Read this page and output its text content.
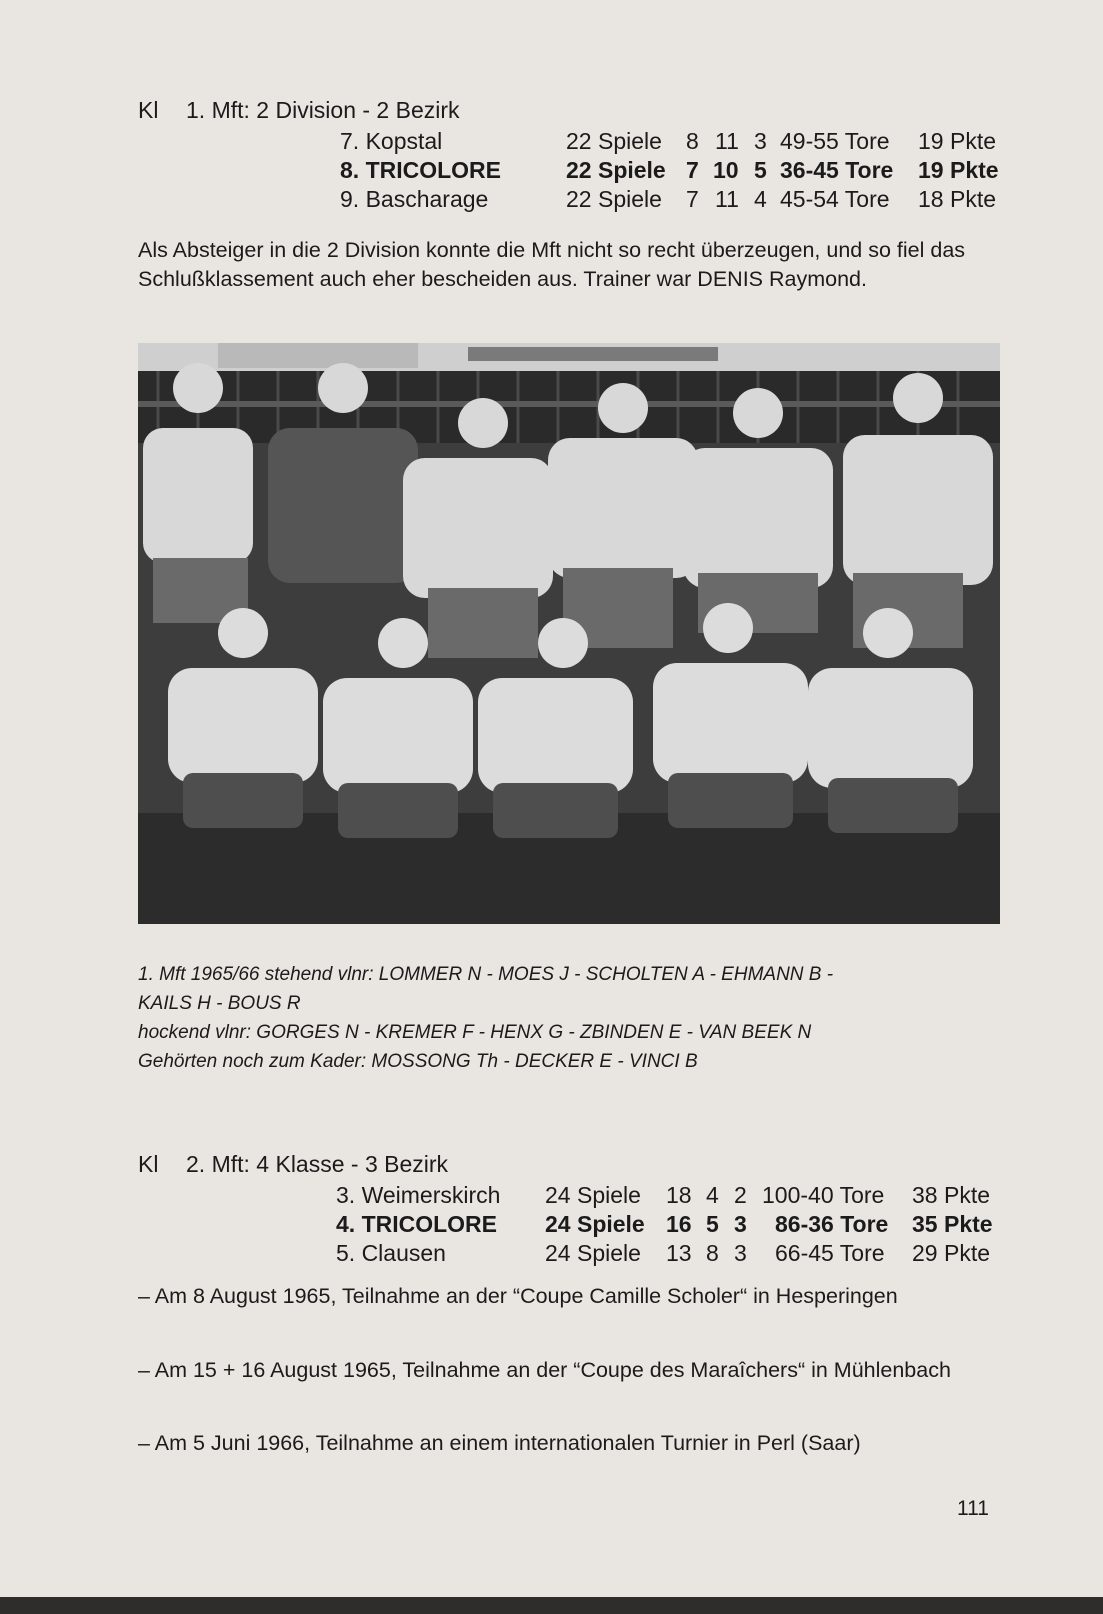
Kl 1. Mft: 2 Division - 2 Bezirk
7. Kopstal	22 Spiele 8 11 3 49-55 Tore 19 Pkte
8. TRICOLORE	22 Spiele 7 10 5 36-45 Tore 19 Pkte
9. Bascharage	22 Spiele 7 11 4 45-54 Tore 18 Pkte
Als Absteiger in die 2 Division konnte die Mft nicht so recht überzeugen, und so fiel das Schlußklassement auch eher bescheiden aus. Trainer war DENIS Raymond.
1. Mft 1965/66 stehend vlnr: LOMMER N - MOES J - SCHOLTEN A - EHMANN B -
KAILS H - BOUS R
hockend vlnr: GORGES N - KREMER F - HENX G - ZBINDEN E - VAN BEEK N
Gehörten noch zum Kader: MOSSONG Th - DECKER E - VINCI B
Kl 2. Mft: 4 Klasse - 3 Bezirk
3. Weimerskirch 24 Spiele 18 4 2 100-40 Tore 38 Pkte
4. TRICOLORE 24 Spiele 16 5 3 86-36 Tore 35 Pkte
5. Clausen	24 Spiele 13 8 3 66-45 Tore 29 Pkte
– Am 8 August 1965, Teilnahme an der “Coupe Camille Scholer“ in Hesperingen
– Am 15 + 16 August 1965, Teilnahme an der “Coupe des Maraîchers“ in Mühlenbach
– Am 5 Juni 1966, Teilnahme an einem internationalen Turnier in Perl (Saar)
111
